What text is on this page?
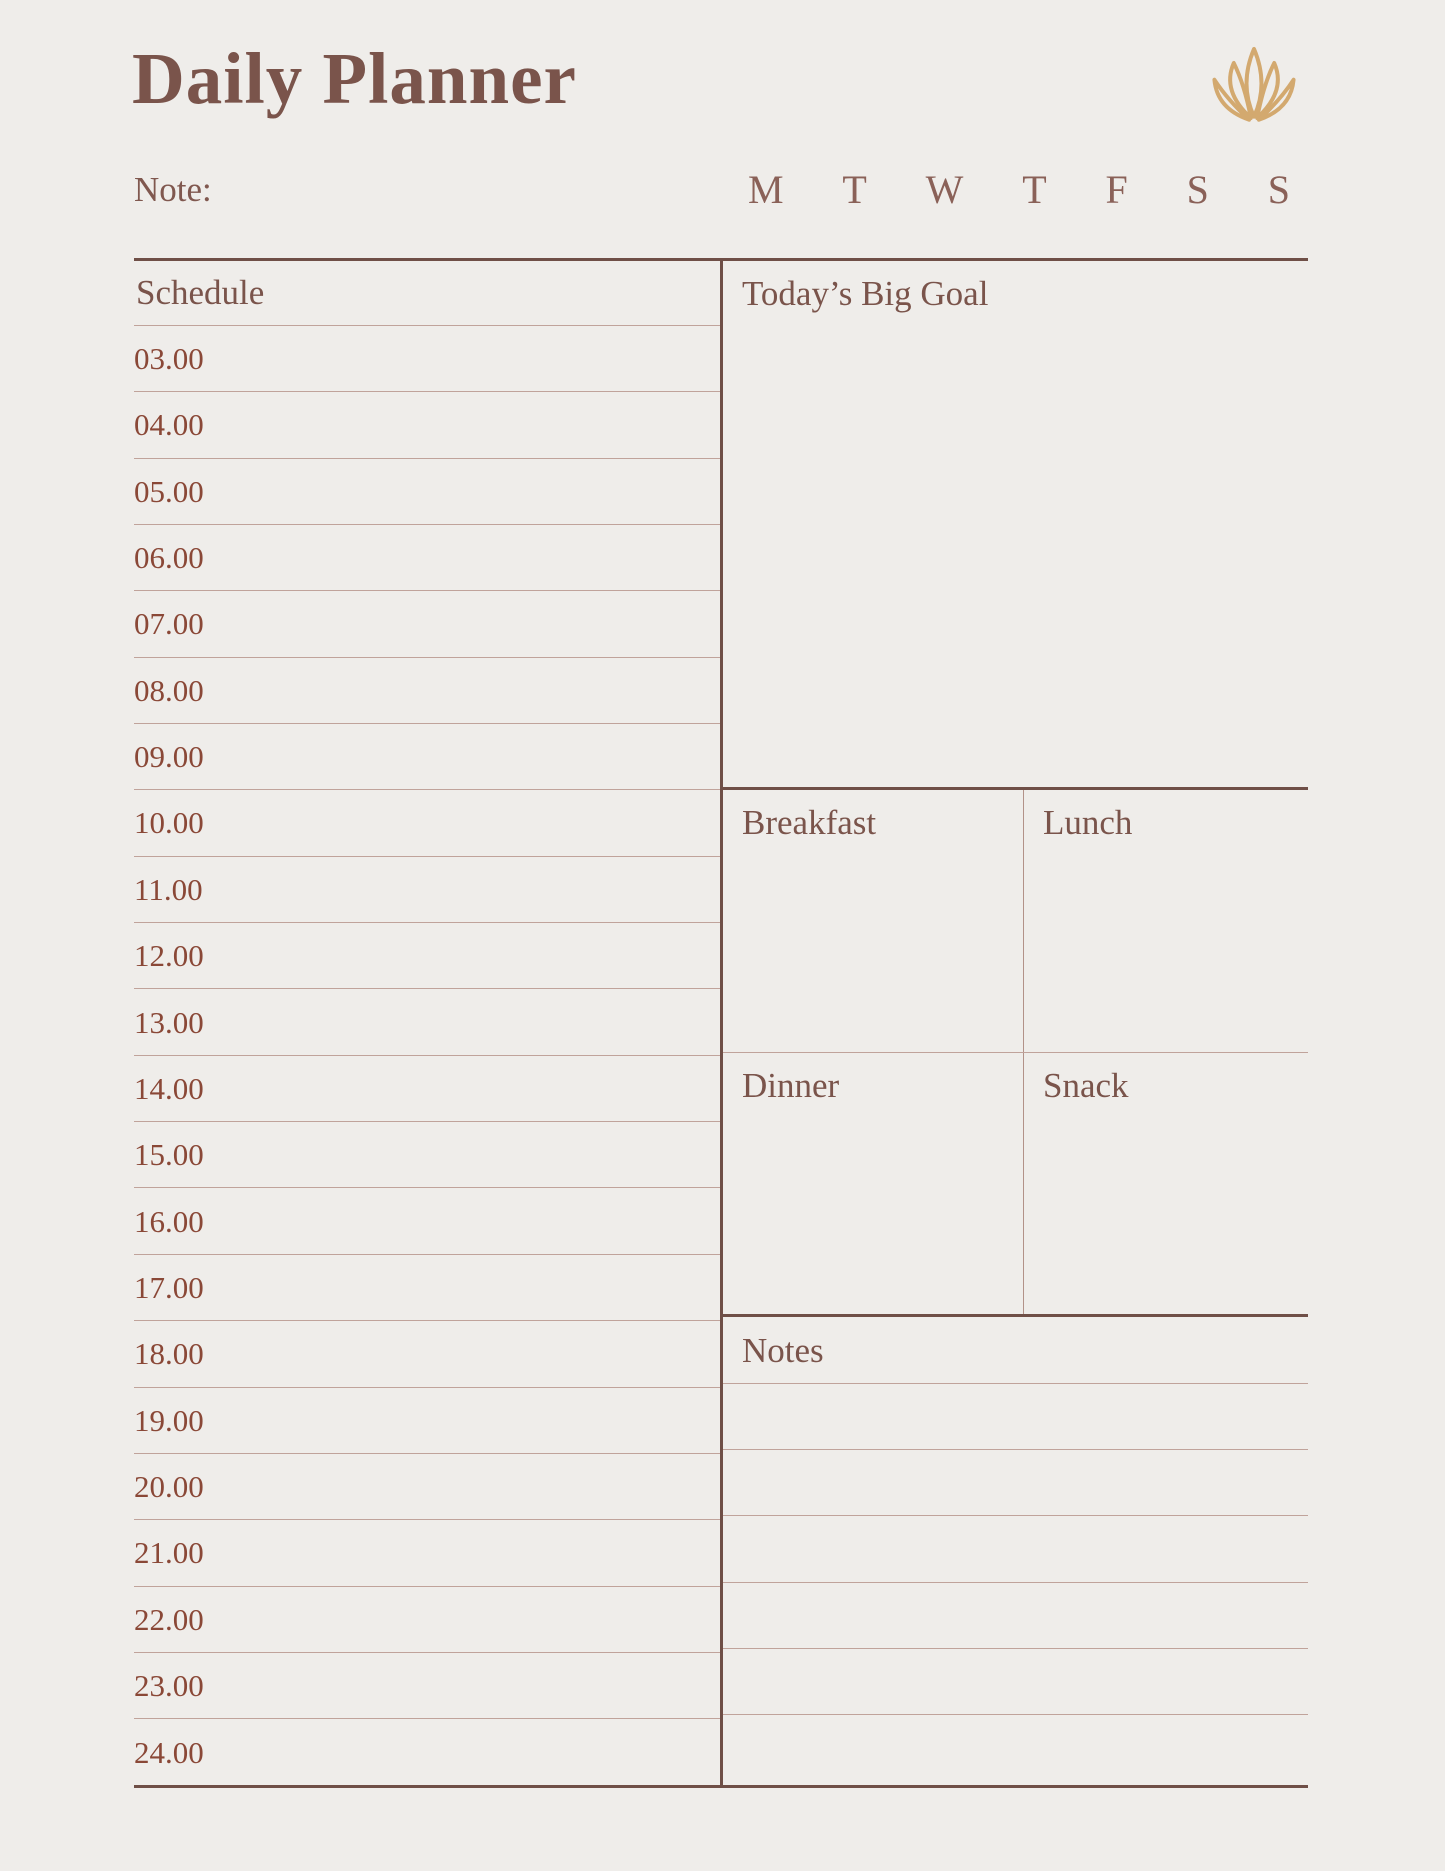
Daily Planner
Note:	M T W T F S S
Schedule
03.00
04.00
05.00
06.00
07.00
08.00
09.00
10.00
11.00
12.00
13.00
14.00
15.00
16.00
17.00
18.00
19.00
20.00
21.00
22.00
23.00
24.00
Today’s Big Goal
Breakfast	Lunch
Dinner	Snack
Notes
